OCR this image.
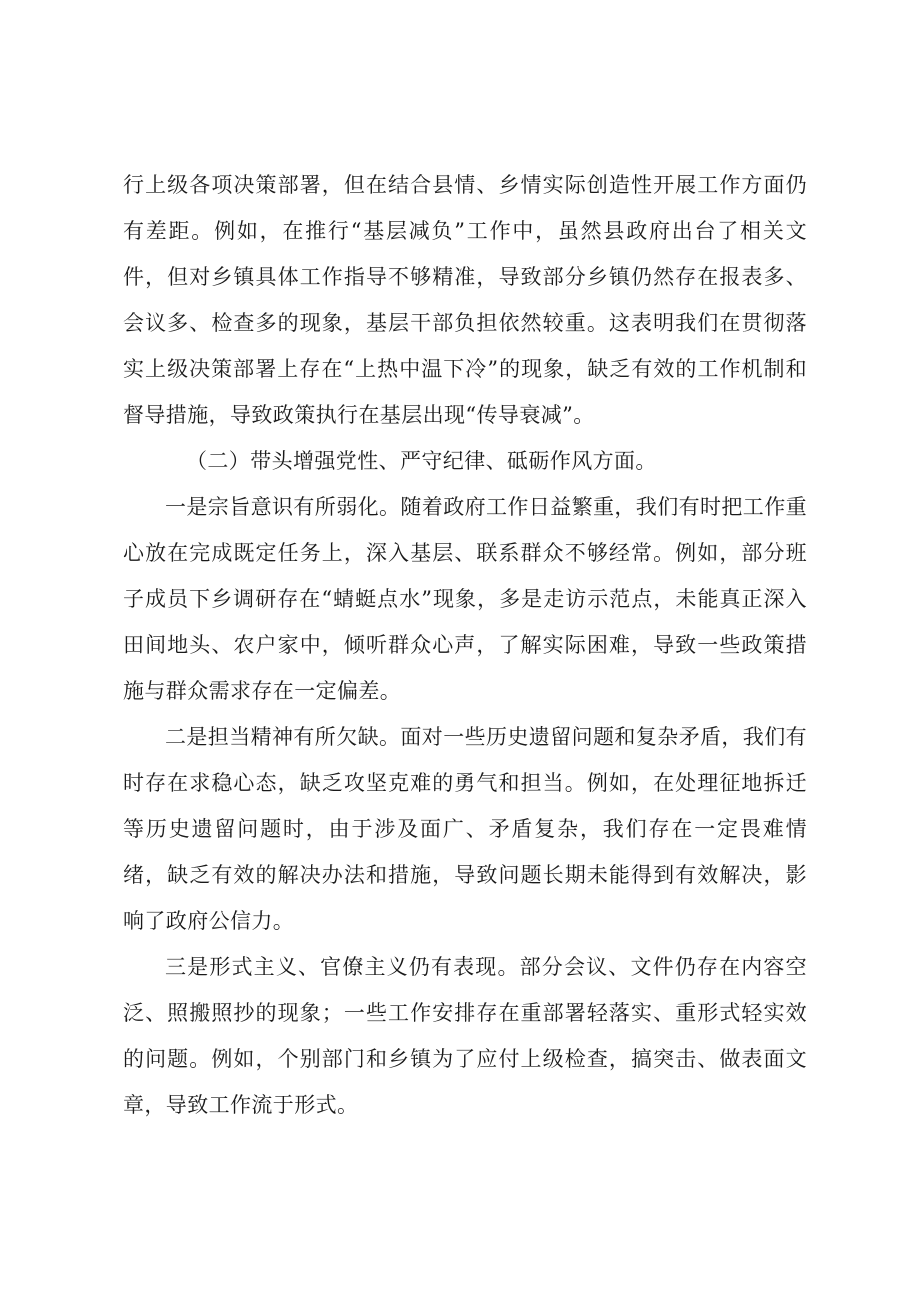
行上级各项决策部署，但在结合县情、乡情实际创造性开展工作方面仍有差距。例如，在推行“基层减负”工作中，虽然县政府出台了相关文件，但对乡镇具体工作指导不够精准，导致部分乡镇仍然存在报表多、会议多、检查多的现象，基层干部负担依然较重。这表明我们在贯彻落实上级决策部署上存在“上热中温下冷”的现象，缺乏有效的工作机制和督导措施，导致政策执行在基层出现“传导衰减”。

（二）带头增强党性、严守纪律、砥砺作风方面。

一是宗旨意识有所弱化。随着政府工作日益繁重，我们有时把工作重心放在完成既定任务上，深入基层、联系群众不够经常。例如，部分班子成员下乡调研存在“蜻蜓点水”现象，多是走访示范点，未能真正深入田间地头、农户家中，倾听群众心声，了解实际困难，导致一些政策措施与群众需求存在一定偏差。

二是担当精神有所欠缺。面对一些历史遗留问题和复杂矛盾，我们有时存在求稳心态，缺乏攻坚克难的勇气和担当。例如，在处理征地拆迁等历史遗留问题时，由于涉及面广、矛盾复杂，我们存在一定畏难情绪，缺乏有效的解决办法和措施，导致问题长期未能得到有效解决，影响了政府公信力。

三是形式主义、官僚主义仍有表现。部分会议、文件仍存在内容空泛、照搬照抄的现象；一些工作安排存在重部署轻落实、重形式轻实效的问题。例如，个别部门和乡镇为了应付上级检查，搞突击、做表面文章，导致工作流于形式。
